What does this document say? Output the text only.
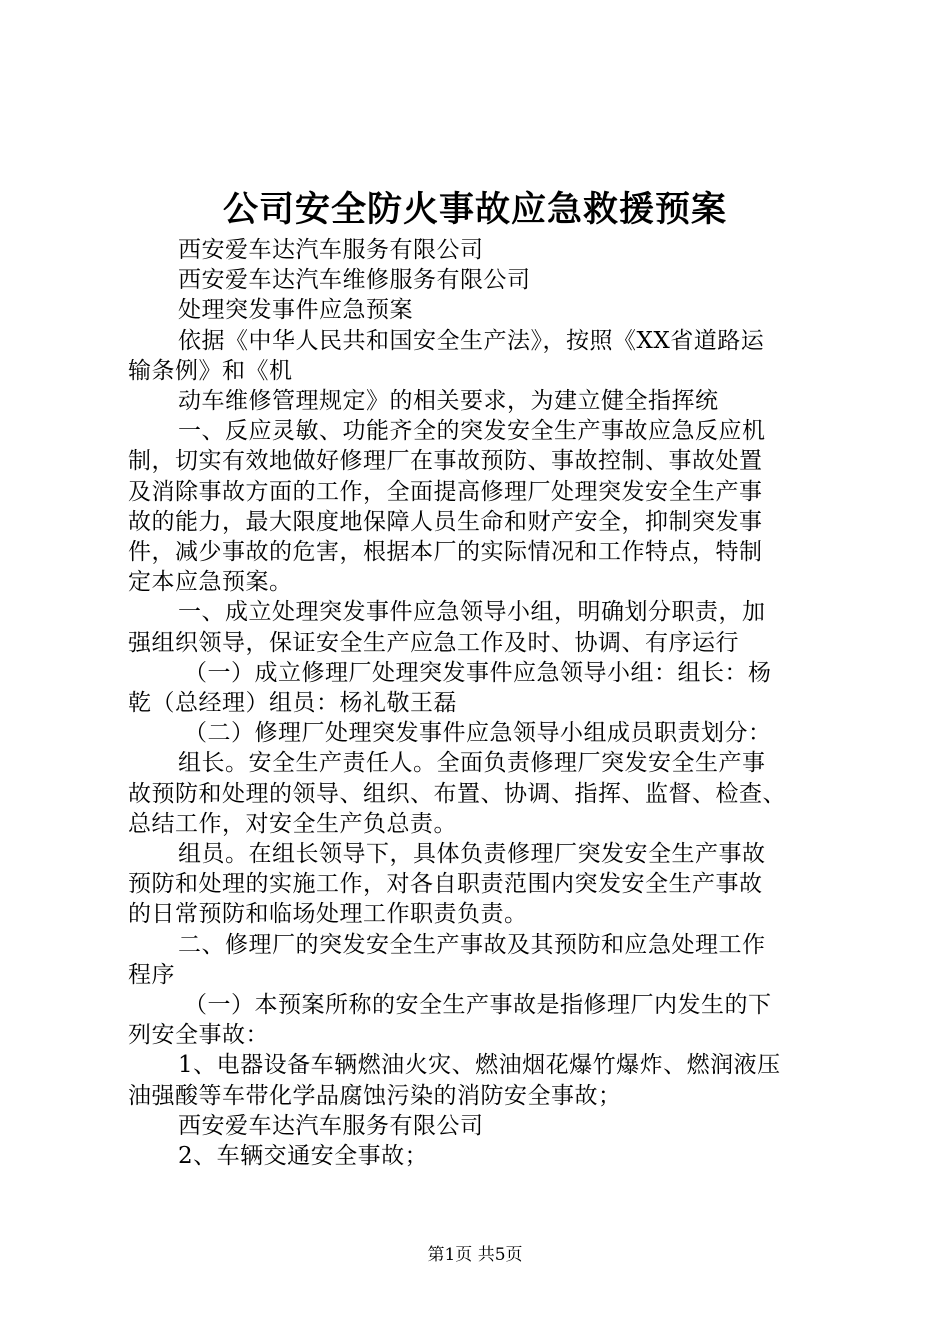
公司安全防火事故应急救援预案

西安爱车达汽车服务有限公司

西安爱车达汽车维修服务有限公司

处理突发事件应急预案

依据《中华人民共和国安全生产法》，按照《XX省道路运

输条例》和《机

动车维修管理规定》的相关要求，为建立健全指挥统

一、反应灵敏、功能齐全的突发安全生产事故应急反应机

制，切实有效地做好修理厂在事故预防、事故控制、事故处置

及消除事故方面的工作，全面提高修理厂处理突发安全生产事

故的能力，最大限度地保障人员生命和财产安全，抑制突发事

件，减少事故的危害，根据本厂的实际情况和工作特点，特制

定本应急预案。

一、成立处理突发事件应急领导小组，明确划分职责，加

强组织领导，保证安全生产应急工作及时、协调、有序运行

（一）成立修理厂处理突发事件应急领导小组：组长：杨

乾（总经理）组员：杨礼敬王磊

（二）修理厂处理突发事件应急领导小组成员职责划分：

组长。安全生产责任人。全面负责修理厂突发安全生产事

故预防和处理的领导、组织、布置、协调、指挥、监督、检查、

总结工作，对安全生产负总责。

组员。在组长领导下，具体负责修理厂突发安全生产事故

预防和处理的实施工作，对各自职责范围内突发安全生产事故

的日常预防和临场处理工作职责负责。

二、修理厂的突发安全生产事故及其预防和应急处理工作

程序

（一）本预案所称的安全生产事故是指修理厂内发生的下

列安全事故：

1、电器设备车辆燃油火灾、燃油烟花爆竹爆炸、燃润液压

油强酸等车带化学品腐蚀污染的消防安全事故；

西安爱车达汽车服务有限公司

2、车辆交通安全事故；

第1页 共5页
